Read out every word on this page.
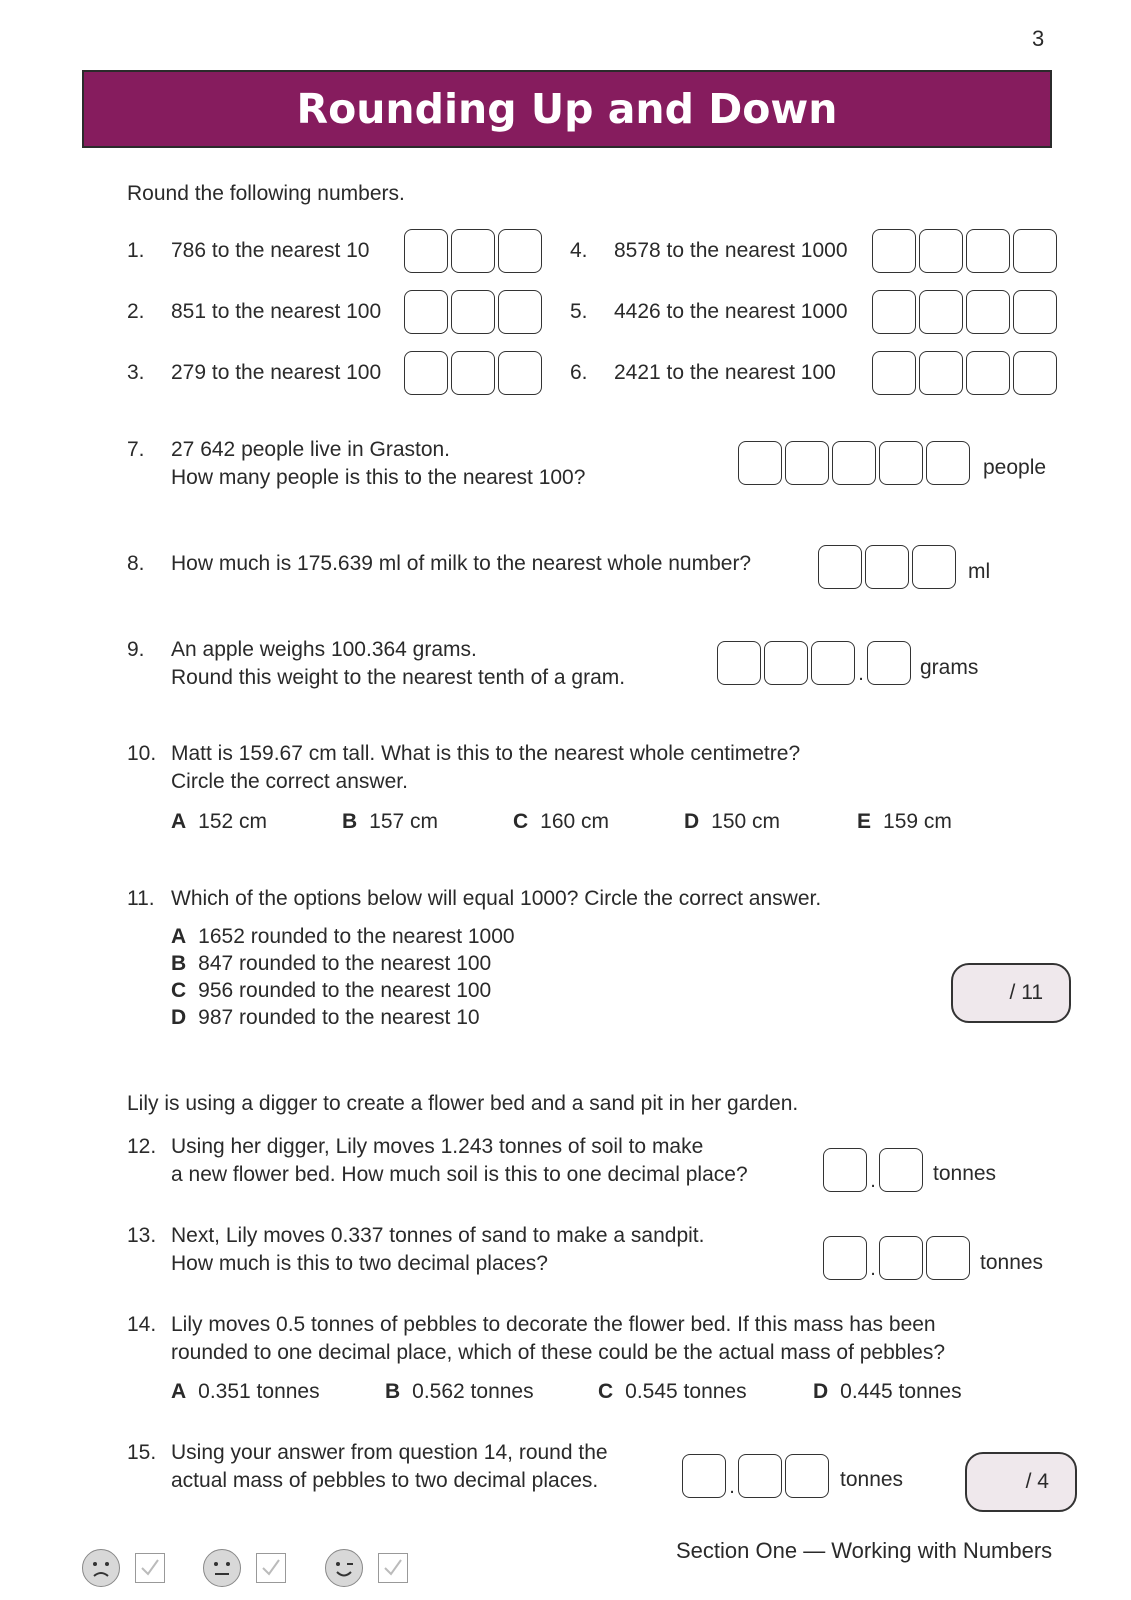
3
Rounding Up and Down
Round the following numbers.
1. 786 to the nearest 10
2. 851 to the nearest 100
3. 279 to the nearest 100
4. 8578 to the nearest 1000
5. 4426 to the nearest 1000
6. 2421 to the nearest 100
7. 27 642 people live in Graston.
How many people is this to the nearest 100?	people
8. How much is 175.639 ml of milk to the nearest whole number?	ml
9. An apple weighs 100.364 grams.
Round this weight to the nearest tenth of a gram.	.	grams
10. Matt is 159.67 cm tall. What is this to the nearest whole centimetre?
Circle the correct answer.
A 152 cm	B 157 cm	C 160 cm	D 150 cm	E 159 cm
11. Which of the options below will equal 1000? Circle the correct answer.
A 1652 rounded to the nearest 1000
B 847 rounded to the nearest 100
C 956 rounded to the nearest 100
D 987 rounded to the nearest 10
/ 11
Lily is using a digger to create a flower bed and a sand pit in her garden.
12. Using her digger, Lily moves 1.243 tonnes of soil to make
a new flower bed. How much soil is this to one decimal place?	.	tonnes
13. Next, Lily moves 0.337 tonnes of sand to make a sandpit.
How much is this to two decimal places?	.	tonnes
14. Lily moves 0.5 tonnes of pebbles to decorate the flower bed. If this mass has been
rounded to one decimal place, which of these could be the actual mass of pebbles?
A 0.351 tonnes	B 0.562 tonnes	C 0.545 tonnes	D 0.445 tonnes
15. Using your answer from question 14, round the
actual mass of pebbles to two decimal places.	.	tonnes	/ 4
Section One — Working with Numbers
